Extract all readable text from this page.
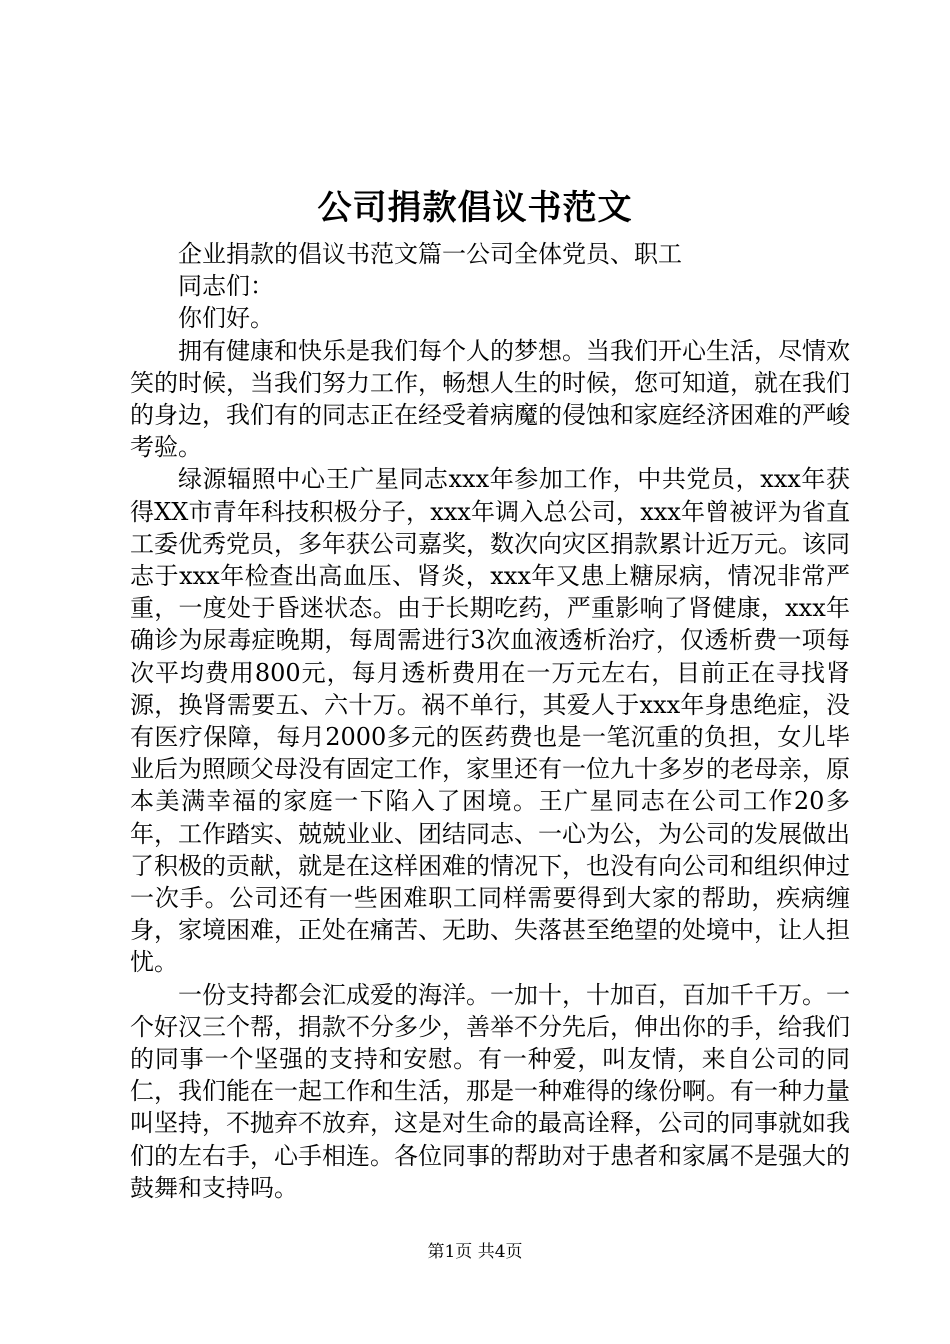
公司捐款倡议书范文

企业捐款的倡议书范文篇一公司全体党员、职工

同志们：

你们好。

拥有健康和快乐是我们每个人的梦想。当我们开心生活，尽情欢笑的时候，当我们努力工作，畅想人生的时候，您可知道，就在我们的身边，我们有的同志正在经受着病魔的侵蚀和家庭经济困难的严峻考验。

绿源辐照中心王广星同志xxx年参加工作，中共党员，xxx年获得XX市青年科技积极分子，xxx年调入总公司，xxx年曾被评为省直工委优秀党员，多年获公司嘉奖，数次向灾区捐款累计近万元。该同志于xxx年检查出高血压、肾炎，xxx年又患上糖尿病，情况非常严重，一度处于昏迷状态。由于长期吃药，严重影响了肾健康，xxx年确诊为尿毒症晚期，每周需进行3次血液透析治疗，仅透析费一项每次平均费用800元，每月透析费用在一万元左右，目前正在寻找肾源，换肾需要五、六十万。祸不单行，其爱人于xxx年身患绝症，没有医疗保障，每月2000多元的医药费也是一笔沉重的负担，女儿毕业后为照顾父母没有固定工作，家里还有一位九十多岁的老母亲，原本美满幸福的家庭一下陷入了困境。王广星同志在公司工作20多年，工作踏实、兢兢业业、团结同志、一心为公，为公司的发展做出了积极的贡献，就是在这样困难的情况下，也没有向公司和组织伸过一次手。公司还有一些困难职工同样需要得到大家的帮助，疾病缠身，家境困难，正处在痛苦、无助、失落甚至绝望的处境中，让人担忧。

一份支持都会汇成爱的海洋。一加十，十加百，百加千千万。一个好汉三个帮，捐款不分多少，善举不分先后，伸出你的手，给我们的同事一个坚强的支持和安慰。有一种爱，叫友情，来自公司的同仁，我们能在一起工作和生活，那是一种难得的缘份啊。有一种力量叫坚持，不抛弃不放弃，这是对生命的最高诠释，公司的同事就如我们的左右手，心手相连。各位同事的帮助对于患者和家属不是强大的鼓舞和支持吗。

第1页 共4页
